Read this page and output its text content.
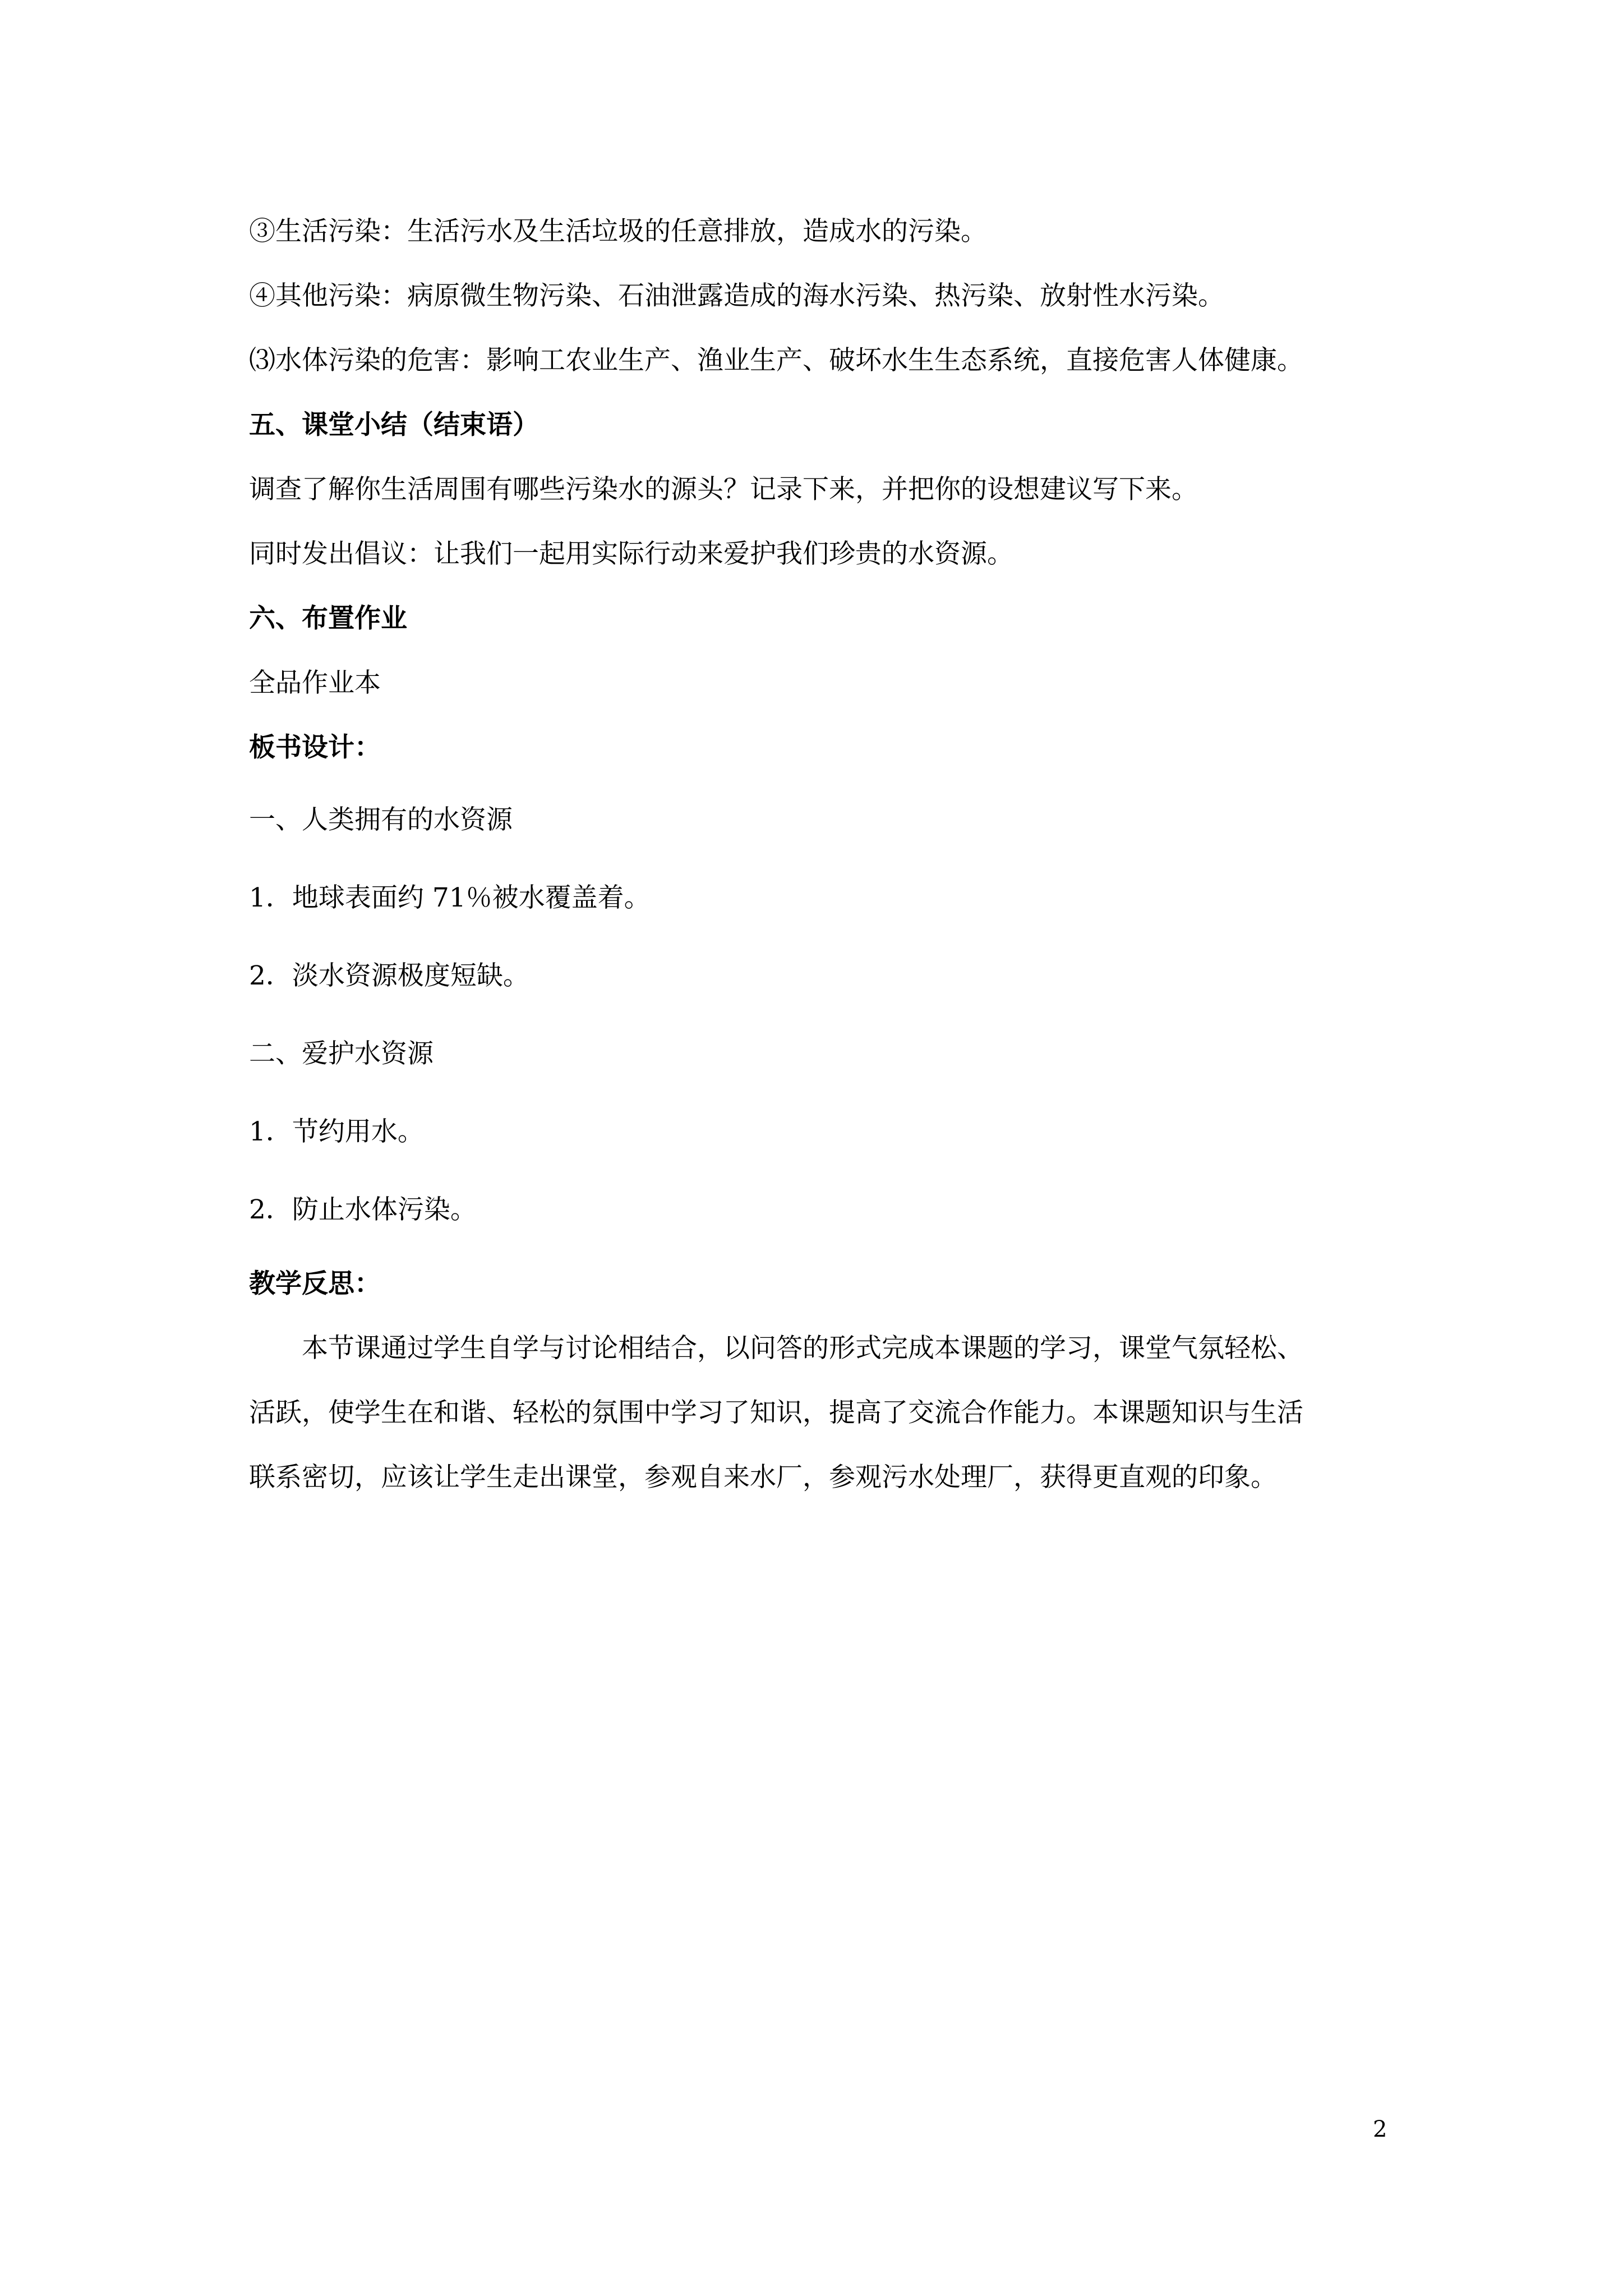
③生活污染：生活污水及生活垃圾的任意排放，造成水的污染。
④其他污染：病原微生物污染、石油泄露造成的海水污染、热污染、放射性水污染。
⑶水体污染的危害：影响工农业生产、渔业生产、破坏水生生态系统，直接危害人体健康。
五、课堂小结（结束语）
调查了解你生活周围有哪些污染水的源头？记录下来，并把你的设想建议写下来。
同时发出倡议：让我们一起用实际行动来爱护我们珍贵的水资源。
六、布置作业
全品作业本
板书设计：
一、人类拥有的水资源
1．地球表面约 71％被水覆盖着。
2．淡水资源极度短缺。
二、爱护水资源
1．节约用水。
2．防止水体污染。
教学反思：
本节课通过学生自学与讨论相结合，以问答的形式完成本课题的学习，课堂气氛轻松、
活跃，使学生在和谐、轻松的氛围中学习了知识，提高了交流合作能力。本课题知识与生活
联系密切，应该让学生走出课堂，参观自来水厂，参观污水处理厂，获得更直观的印象。
2
